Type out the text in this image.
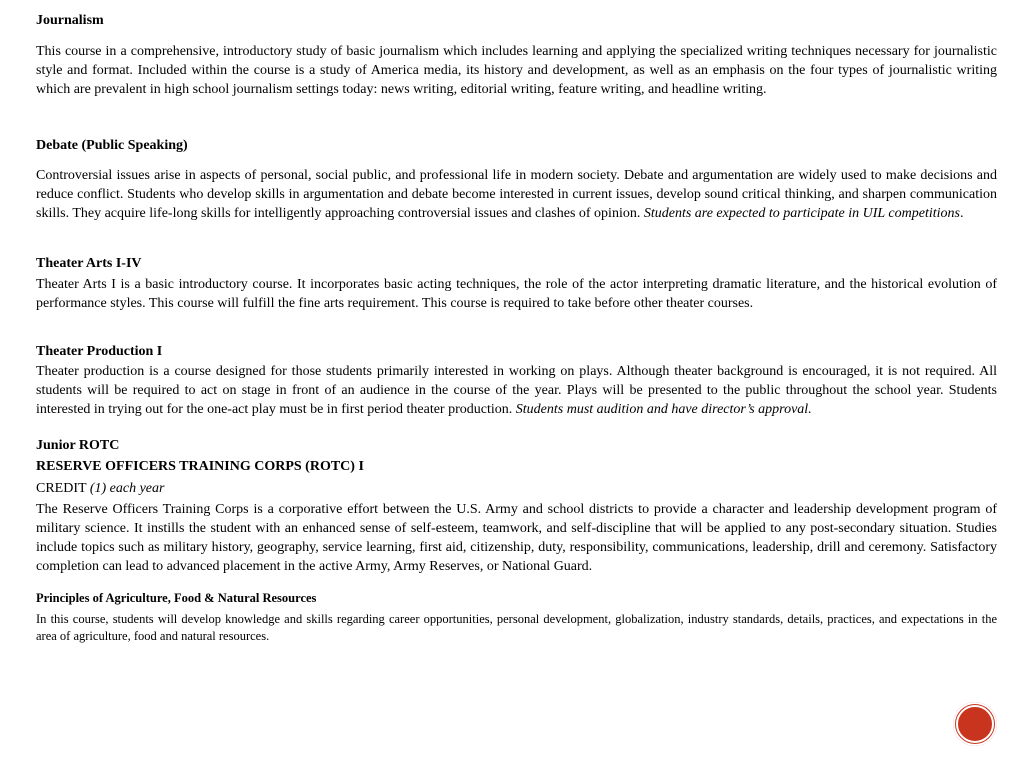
Journalism
This course in a comprehensive, introductory study of basic journalism which includes learning and applying the specialized writing techniques necessary for journalistic style and format. Included within the course is a study of America media, its history and development, as well as an emphasis on the four types of journalistic writing which are prevalent in high school journalism settings today: news writing, editorial writing, feature writing, and headline writing.
Debate (Public Speaking)
Controversial issues arise in aspects of personal, social public, and professional life in modern society. Debate and argumentation are widely used to make decisions and reduce conflict. Students who develop skills in argumentation and debate become interested in current issues, develop sound critical thinking, and sharpen communication skills. They acquire life-long skills for intelligently approaching controversial issues and clashes of opinion. Students are expected to participate in UIL competitions.
Theater Arts I-IV
Theater Arts I is a basic introductory course. It incorporates basic acting techniques, the role of the actor interpreting dramatic literature, and the historical evolution of performance styles. This course will fulfill the fine arts requirement. This course is required to take before other theater courses.
Theater Production I
Theater production is a course designed for those students primarily interested in working on plays. Although theater background is encouraged, it is not required. All students will be required to act on stage in front of an audience in the course of the year. Plays will be presented to the public throughout the school year. Students interested in trying out for the one-act play must be in first period theater production. Students must audition and have director’s approval.
Junior ROTC
RESERVE OFFICERS TRAINING CORPS (ROTC) I
CREDIT (1) each year
The Reserve Officers Training Corps is a corporative effort between the U.S. Army and school districts to provide a character and leadership development program of military science. It instills the student with an enhanced sense of self-esteem, teamwork, and self-discipline that will be applied to any post-secondary situation. Studies include topics such as military history, geography, service learning, first aid, citizenship, duty, responsibility, communications, leadership, drill and ceremony. Satisfactory completion can lead to advanced placement in the active Army, Army Reserves, or National Guard.
Principles of Agriculture, Food & Natural Resources
In this course, students will develop knowledge and skills regarding career opportunities, personal development, globalization, industry standards, details, practices, and expectations in the area of agriculture, food and natural resources.
